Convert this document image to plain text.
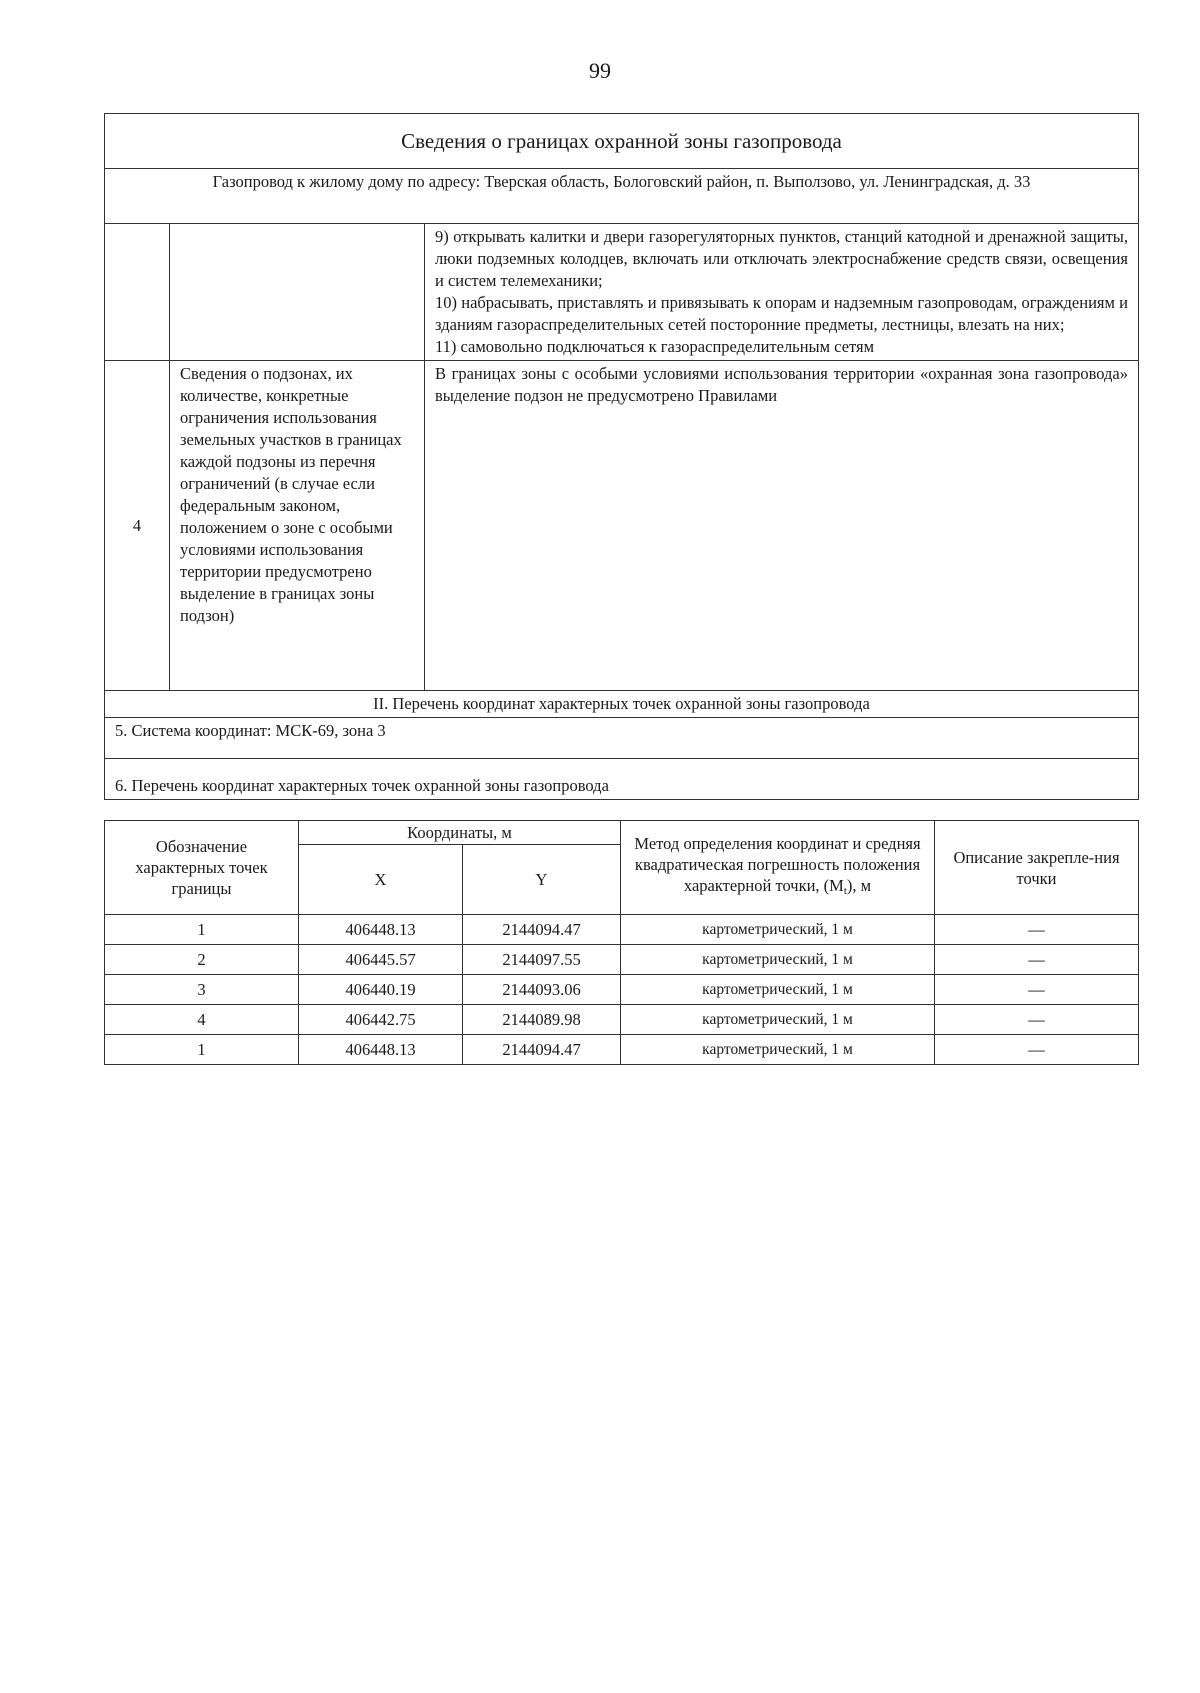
99
Сведения о границах охранной зоны газопровода		
Газопровод к жилому дому по адресу: Тверская область, Бологовский район, п. Выползово, ул. Ленинградская, д. 33		

		9) открывать калитки и двери газорегуляторных пунктов, станций катодной и дренажной защиты, люки подземных колодцев, включать или отключать электроснабжение средств связи, освещения и систем телемеханики;
10) набрасывать, приставлять и привязывать к опорам и надземным газопроводам, ограждениям и зданиям газораспределительных сетей посторонние предметы, лестницы, влезать на них;
11) самовольно подключаться к газораспределительным сетям

4	Сведения о подзонах, их количестве, конкретные ограничения использования земельных участков в границах каждой подзоны из перечня ограничений (в случае если федеральным законом, положением о зоне с особыми условиями использования территории предусмотрено выделение в границах зоны подзон)	В границах зоны с особыми условиями использования территории «охранная зона газопровода» выделение подзон не предусмотрено Правилами
II. Перечень координат характерных точек охранной зоны газопровода		
5. Система координат: МСК-69, зона 3		
6. Перечень координат характерных точек охранной зоны газопровода		
Обозначение характерных точек границы	Координаты, м		Метод определения координат и средняя квадратическая погрешность положения характерной точки, $(M_t)$, м	Описание закрепле-ния точки
	X	Y		
1	406448.13	2144094.47	картометрический, 1 м	—
2	406445.57	2144097.55	картометрический, 1 м	—
3	406440.19	2144093.06	картометрический, 1 м	—
4	406442.75	2144089.98	картометрический, 1 м	—
1	406448.13	2144094.47	картометрический, 1 м	—
